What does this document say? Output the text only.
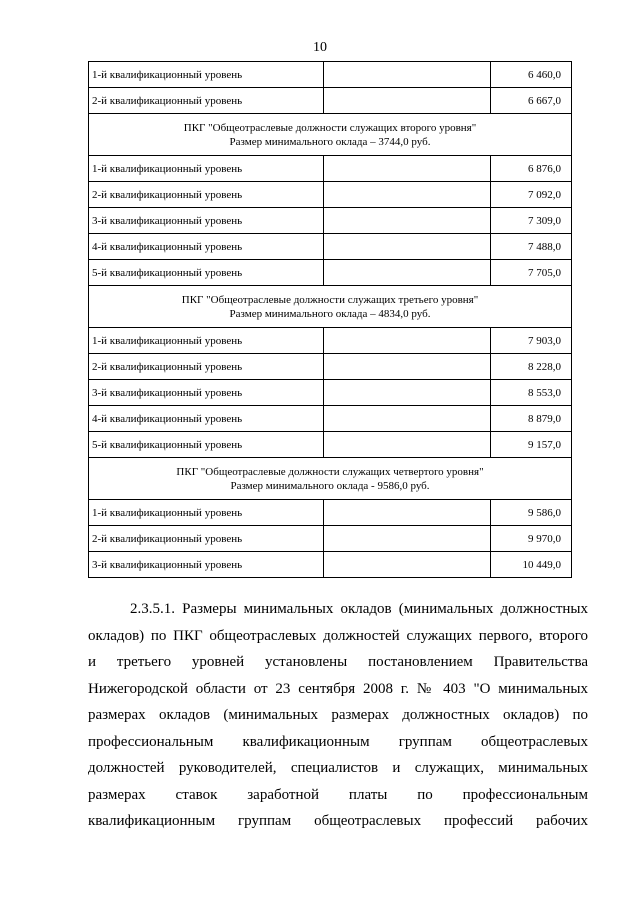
10
1-й квалификационный уровень		6 460,0
2-й квалификационный уровень		6 667,0

ПКГ "Общеотраслевые должности служащих второго уровня"
Размер минимального оклада – 3744,0 руб.		

1-й квалификационный уровень		6 876,0
2-й квалификационный уровень		7 092,0
3-й квалификационный уровень		7 309,0
4-й квалификационный уровень		7 488,0
5-й квалификационный уровень		7 705,0

ПКГ "Общеотраслевые должности служащих третьего уровня"
Размер минимального оклада – 4834,0 руб.		

1-й квалификационный уровень		7 903,0
2-й квалификационный уровень		8 228,0
3-й квалификационный уровень		8 553,0
4-й квалификационный уровень		8 879,0
5-й квалификационный уровень		9 157,0

ПКГ "Общеотраслевые должности служащих четвертого уровня"
Размер минимального оклада - 9586,0 руб.		

1-й квалификационный уровень		9 586,0
2-й квалификационный уровень		9 970,0
3-й квалификационный уровень		10 449,0
2.3.5.1. Размеры минимальных окладов (минимальных должностных
окладов) по ПКГ общеотраслевых должностей служащих первого, второго
и третьего уровней установлены постановлением Правительства
Нижегородской области от 23 сентября 2008 г. № 403 "О минимальных
размерах окладов (минимальных размерах должностных окладов) по
профессиональным квалификационным группам общеотраслевых
должностей руководителей, специалистов и служащих, минимальных
размерах ставок заработной платы по профессиональным
квалификационным группам общеотраслевых профессий рабочих
